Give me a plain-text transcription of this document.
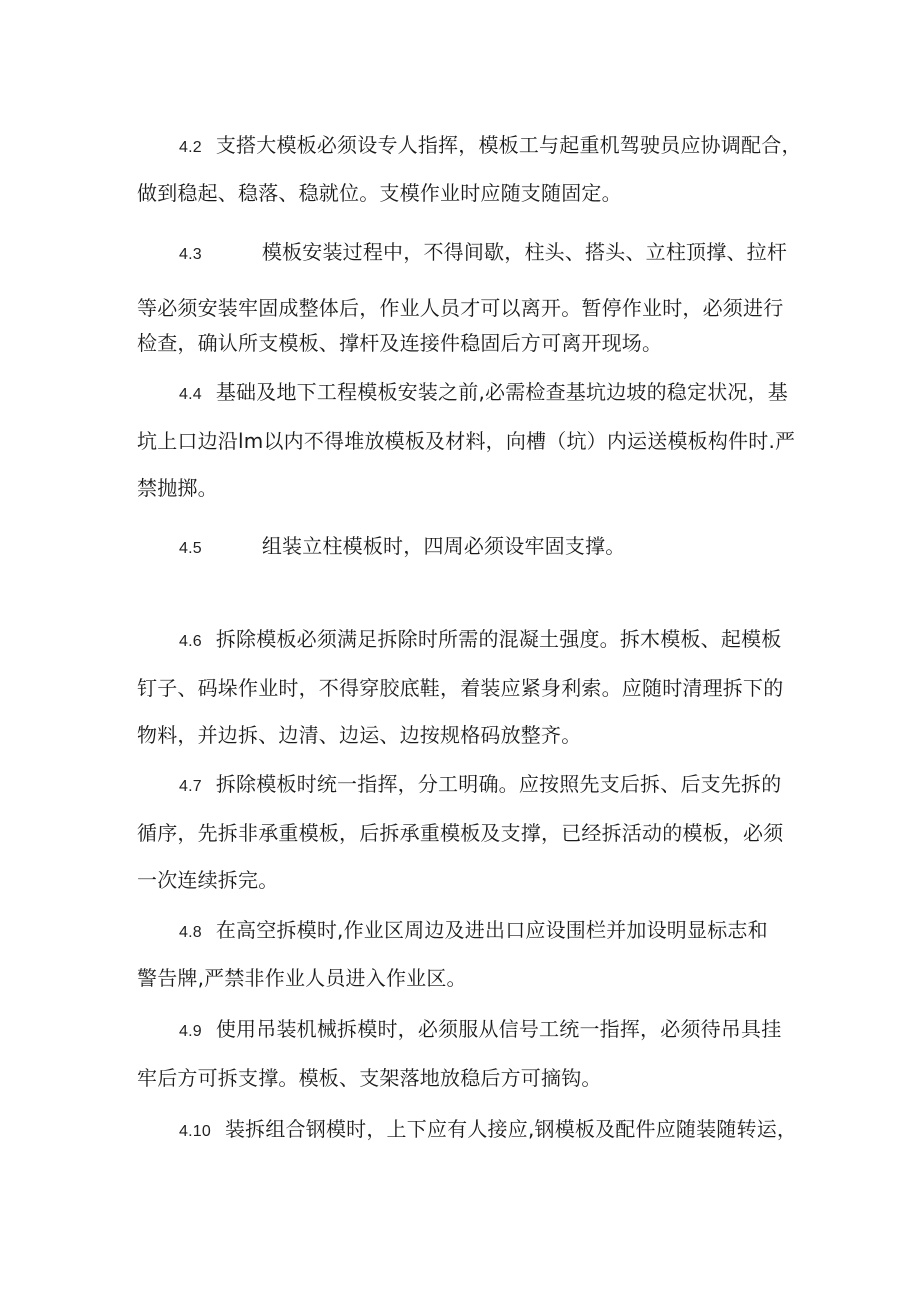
4.2 支搭大模板必须设专人指挥，模板工与起重机驾驶员应协调配合，
做到稳起、稳落、稳就位。支模作业时应随支随固定。
4.3	模板安装过程中，不得间歇，柱头、搭头、立柱顶撑、拉杆
等必须安装牢固成整体后，作业人员才可以离开。暂停作业时，必须进行
检查，确认所支模板、撑杆及连接件稳固后方可离开现场。
4.4 基础及地下工程模板安装之前,必需检查基坑边坡的稳定状况，基
坑上口边沿lm以内不得堆放模板及材料，向槽（坑）内运送模板构件时.严
禁抛掷。
4.5	组装立柱模板时，四周必须设牢固支撑。
4.6 拆除模板必须满足拆除时所需的混凝土强度。拆木模板、起模板
钉子、码垛作业时，不得穿胶底鞋，着装应紧身利索。应随时清理拆下的
物料，并边拆、边清、边运、边按规格码放整齐。
4.7 拆除模板时统一指挥，分工明确。应按照先支后拆、后支先拆的
循序，先拆非承重模板，后拆承重模板及支撑，已经拆活动的模板，必须
一次连续拆完。
4.8 在高空拆模时,作业区周边及进出口应设围栏并加设明显标志和
警告牌,严禁非作业人员进入作业区。
4.9 使用吊装机械拆模时，必须服从信号工统一指挥，必须待吊具挂
牢后方可拆支撑。模板、支架落地放稳后方可摘钩。
4.10 装拆组合钢模时，上下应有人接应,钢模板及配件应随装随转运，
